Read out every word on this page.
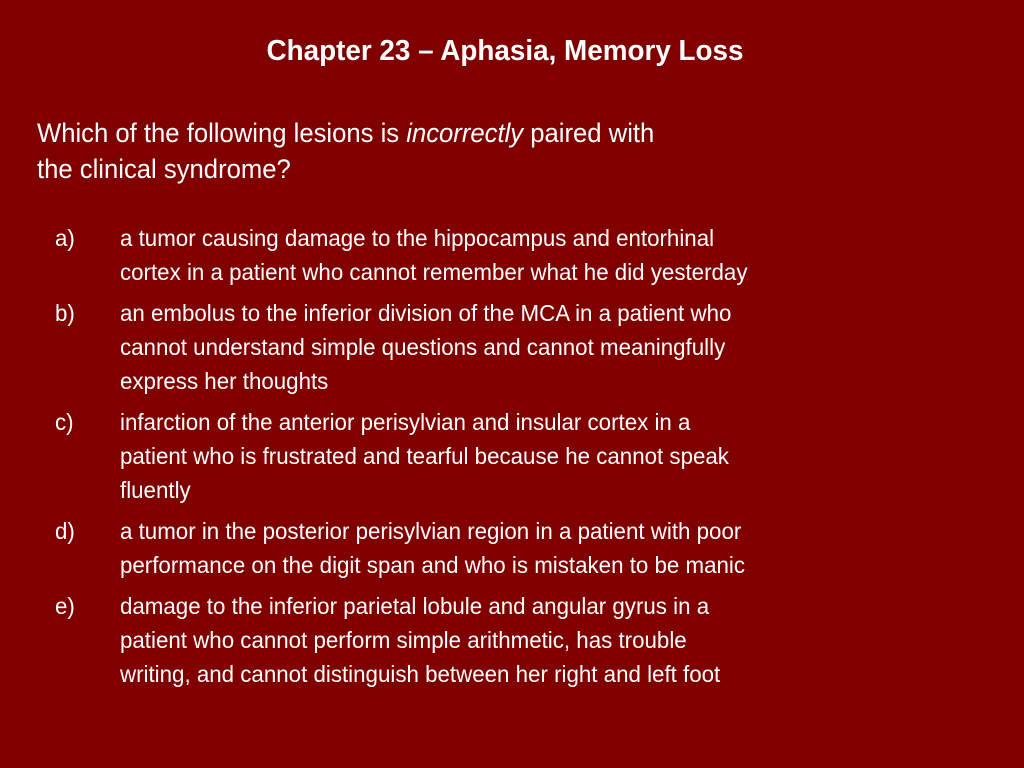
Chapter 23 – Aphasia, Memory Loss
Which of the following lesions is incorrectly paired with
the clinical syndrome?
a)	a tumor causing damage to the hippocampus and entorhinal
cortex in a patient who cannot remember what he did yesterday
b)	an embolus to the inferior division of the MCA in a patient who
cannot understand simple questions and cannot meaningfully
express her thoughts
c)	infarction of the anterior perisylvian and insular cortex in a
patient who is frustrated and tearful because he cannot speak
fluently
d)	a tumor in the posterior perisylvian region in a patient with poor
performance on the digit span and who is mistaken to be manic
e)	damage to the inferior parietal lobule and angular gyrus in a
patient who cannot perform simple arithmetic, has trouble
writing, and cannot distinguish between her right and left foot
